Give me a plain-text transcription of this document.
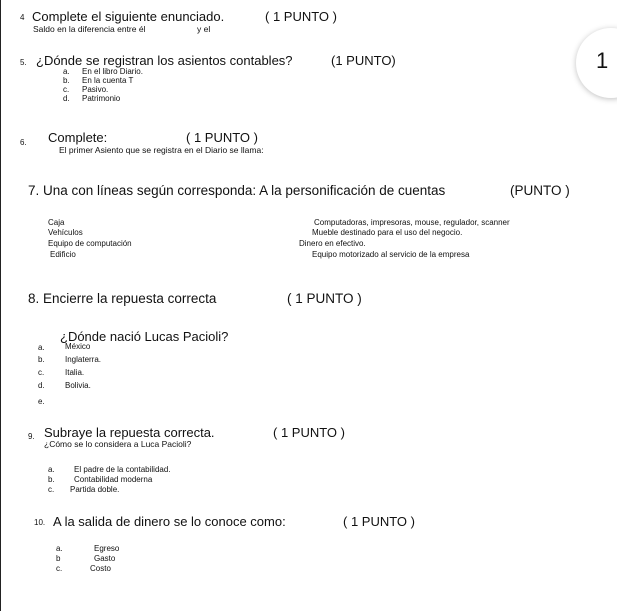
1
4 Complete el siguiente enunciado.	( 1 PUNTO )
Saldo en la diferencia entre él	y el
5. ¿Dónde se registran los asientos contables?	(1 PUNTO)
a. En el libro Diario.
b. En la cuenta T
c. Pasivo.
d. Patrimonio
6. Complete:	( 1 PUNTO )
El primer Asiento que se registra en el Diario se llama:
7. Una con líneas según corresponda: A la personificación de cuentas	(PUNTO )
Caja
Vehículos
Equipo de computación
Edificio
Computadoras, impresoras, mouse, regulador, scanner
Mueble destinado para el uso del negocio.
Dinero en efectivo.
Equipo motorizado al servicio de la empresa
8. Encierre la repuesta correcta	( 1 PUNTO )
¿Dónde nació Lucas Pacioli?
a.	México
b.	Inglaterra.
c.	Italia.
d.	Bolivia.
e.
9. Subraye la repuesta correcta.	( 1 PUNTO )
¿Cómo se lo considera a Luca Pacioli?
a. El padre de la contabilidad.
b. Contabilidad moderna
c. Partida doble.
10. A la salida de dinero se lo conoce como:	( 1 PUNTO )
a.	Egreso
b	Gasto
c.	Costo
